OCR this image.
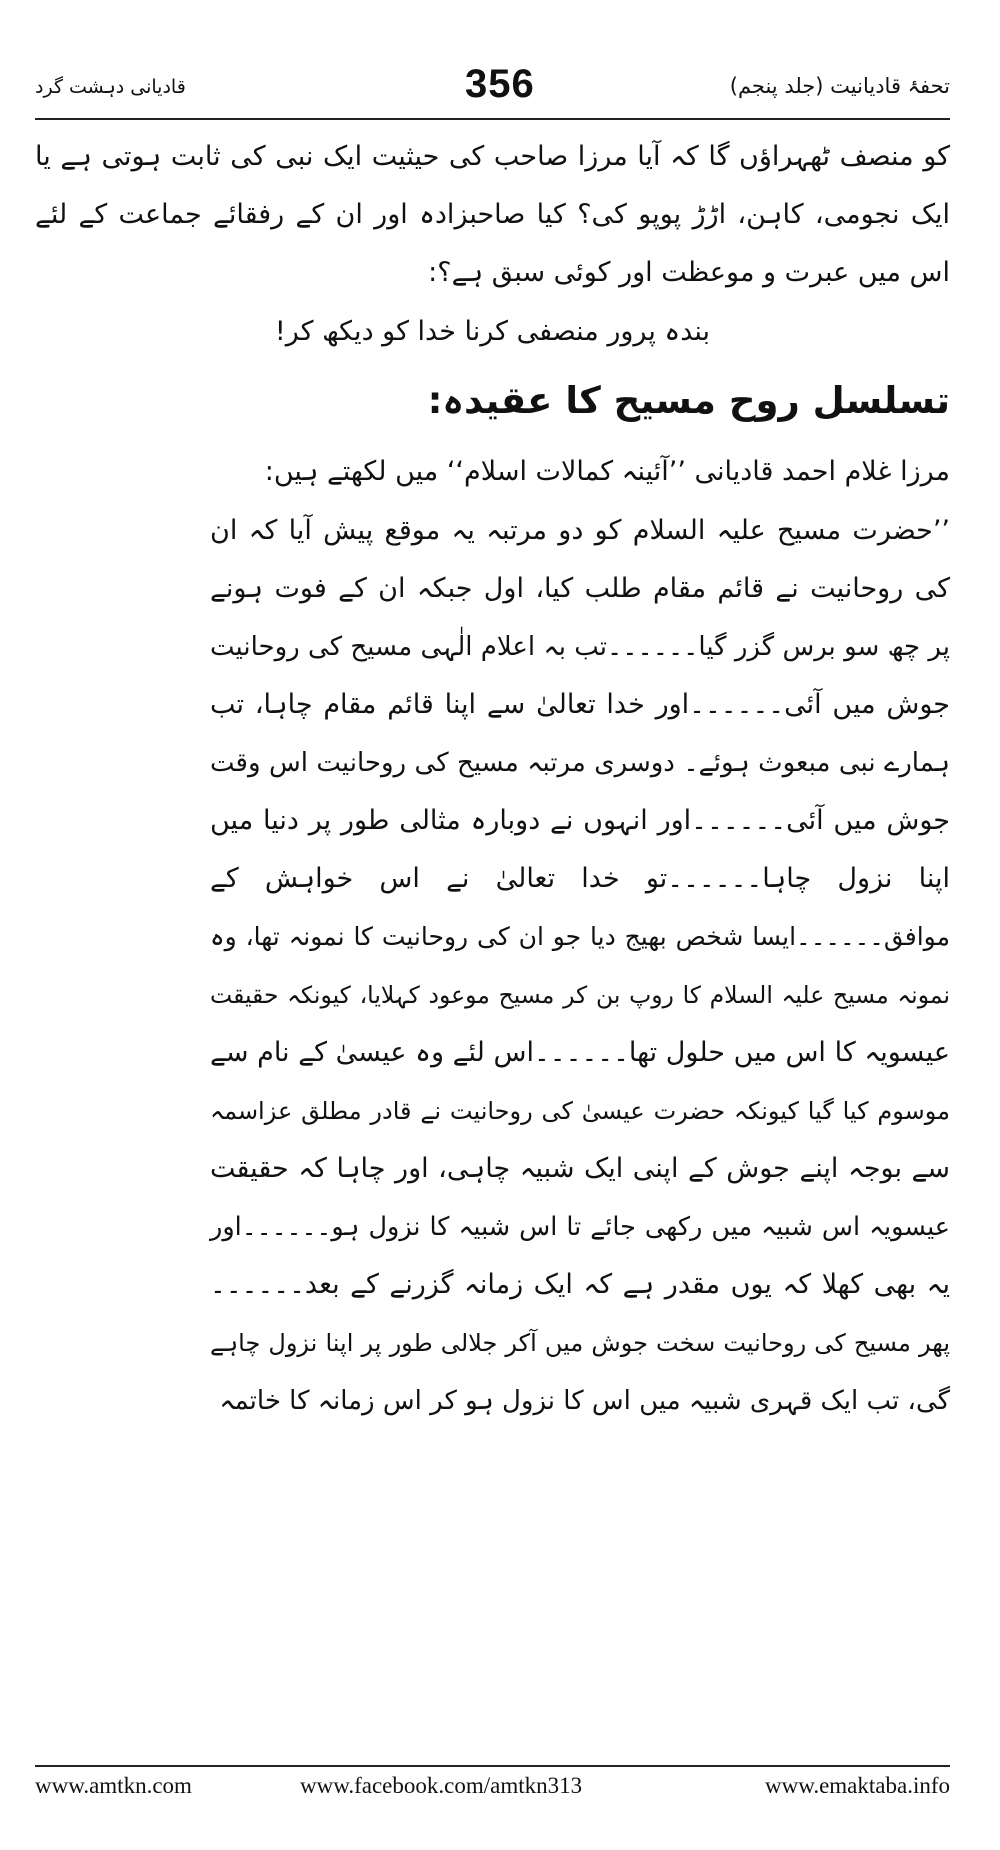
قادیانی دہشت گرد	356	تحفۂ قادیانیت (جلد پنجم)

کو منصف ٹھہراؤں گا کہ آیا مرزا صاحب کی حیثیت ایک نبی کی ثابت ہوتی ہے یا ایک نجومی، کاہن، اڑڑ پوپو کی؟ کیا صاحبزادہ اور ان کے رفقائے جماعت کے لئے اس میں عبرت و موعظت اور کوئی سبق ہے؟:

بندہ پرور منصفی کرنا خدا کو دیکھ کر!

تسلسل روح مسیح کا عقیدہ:

مرزا غلام احمد قادیانی ’’آئینہ کمالات اسلام‘‘ میں لکھتے ہیں:

’’حضرت مسیح علیہ السلام کو دو مرتبہ یہ موقع پیش آیا کہ ان

کی روحانیت نے قائم مقام طلب کیا، اول جبکہ ان کے فوت ہونے

پر چھ سو برس گزر گیا۔۔۔۔۔۔تب بہ اعلام الٰہی مسیح کی روحانیت

جوش میں آئی۔۔۔۔۔۔اور خدا تعالیٰ سے اپنا قائم مقام چاہا، تب

ہمارے نبی مبعوث ہوئے۔ دوسری مرتبہ مسیح کی روحانیت اس وقت

جوش میں آئی۔۔۔۔۔۔اور انہوں نے دوبارہ مثالی طور پر دنیا میں

اپنا نزول چاہا۔۔۔۔۔۔تو خدا تعالیٰ نے اس خواہش کے

موافق۔۔۔۔۔۔ایسا شخص بھیج دیا جو ان کی روحانیت کا نمونہ تھا، وہ

نمونہ مسیح علیہ السلام کا روپ بن کر مسیح موعود کہلایا، کیونکہ حقیقت

عیسویہ کا اس میں حلول تھا۔۔۔۔۔۔اس لئے وہ عیسیٰ کے نام سے

موسوم کیا گیا کیونکہ حضرت عیسیٰ کی روحانیت نے قادر مطلق عزاسمہ

سے بوجہ اپنے جوش کے اپنی ایک شبیہ چاہی، اور چاہا کہ حقیقت

عیسویہ اس شبیہ میں رکھی جائے تا اس شبیہ کا نزول ہو۔۔۔۔۔۔اور

یہ بھی کھلا کہ یوں مقدر ہے کہ ایک زمانہ گزرنے کے بعد۔۔۔۔۔۔

پھر مسیح کی روحانیت سخت جوش میں آکر جلالی طور پر اپنا نزول چاہے

گی، تب ایک قہری شبیہ میں اس کا نزول ہو کر اس زمانہ کا خاتمہ

www.amtkn.com	www.facebook.com/amtkn313	www.emaktaba.info
